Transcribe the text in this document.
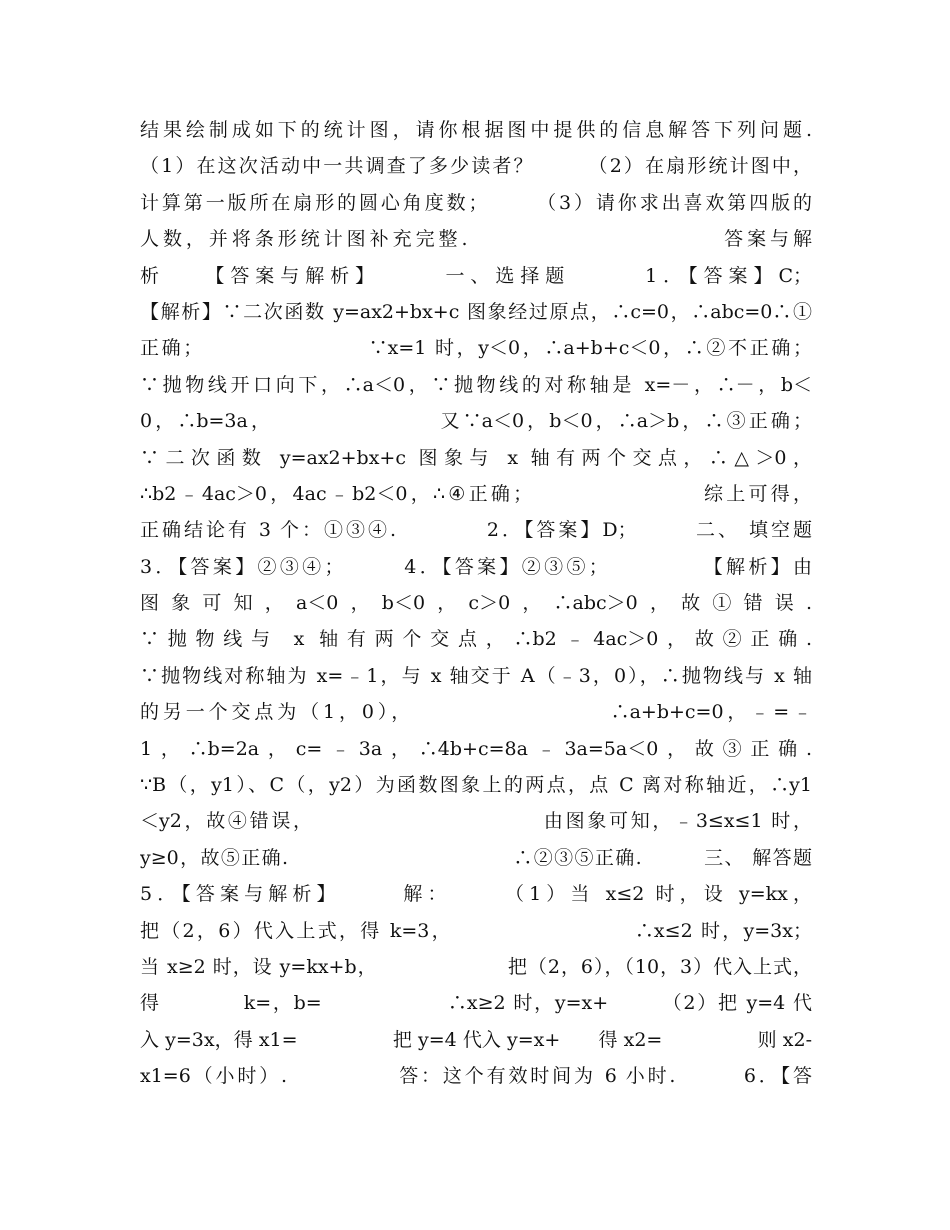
结果绘制成如下的统计图，请你根据图中提供的信息解答下列问题.
（1）在这次活动中一共调查了多少读者？　　　（2）在扇形统计图中，
计算第一版所在扇形的圆心角度数；　　　（3）请你求出喜欢第四版的
人数，并将条形统计图补充完整.　　　　　　　　　　　答案与解
析　　【答案与解析】　　　一、选择题　　　1．【答案】C；
【解析】∵二次函数 y=ax2+bx+c 图象经过原点，∴c=0，∴abc=0∴①
正确；　　　　　　　　∵x=1 时，y＜0，∴a+b+c＜0，∴②不正确；
∵抛物线开口向下，∴a＜0，∵抛物线的对称轴是 x=－，∴－，b＜
0，∴b=3a，　　　　　　　　又∵a＜0，b＜0，∴a＞b，∴③正确；
∵二次函数 y=ax2+bx+c 图象与 x 轴有两个交点，∴△＞0，
∴b2﹣4ac＞0，4ac﹣b2＜0，∴④正确；　　　　　　　　综上可得，
正确结论有 3 个：①③④.　　　　2．【答案】D；　　　二、 填空题
3．【答案】②③④；　　　4．【答案】②③⑤；　　　　　【解析】由
图象可知，a＜0，b＜0，c＞0，∴abc＞0，故①错误.
∵抛物线与 x 轴有两个交点，∴b2﹣4ac＞0，故②正确.
∵抛物线对称轴为 x=﹣1，与 x 轴交于 A（﹣3，0），∴抛物线与 x 轴
的另一个交点为（1，0），　　　　　　　　　∴a+b+c=0，﹣=﹣
1，∴b=2a，c=﹣3a，∴4b+c=8a﹣3a=5a＜0，故③正确.
∵B（，y1）、C（，y2）为函数图象上的两点，点 C 离对称轴近，∴y1
＜y2，故④错误，　　　　　　　　　　　由图象可知，﹣3≤x≤1 时，
y≥0，故⑤正确.　　　　　　　　　　　∴②③⑤正确.　　　三、 解答题
5．【答案与解析】　　　解：　　　（1）当 x≤2 时，设 y=kx，
把（2，6）代入上式，得 k=3，　　　　　　　　　∴x≤2 时，y=3x；
当 x≥2 时，设 y=kx+b，　　　　　　　把（2，6），（10，3）代入上式，
得　　　　k=，b=　　　　　　∴x≥2 时，y=x+　　　（2）把 y=4 代
入 y=3x，得 x1=　　　　　把 y=4 代入 y=x+　　得 x2=　　　　　则 x2-
x1=6（小时）.　　　　　答：这个有效时间为 6 小时.　　　6．【答
